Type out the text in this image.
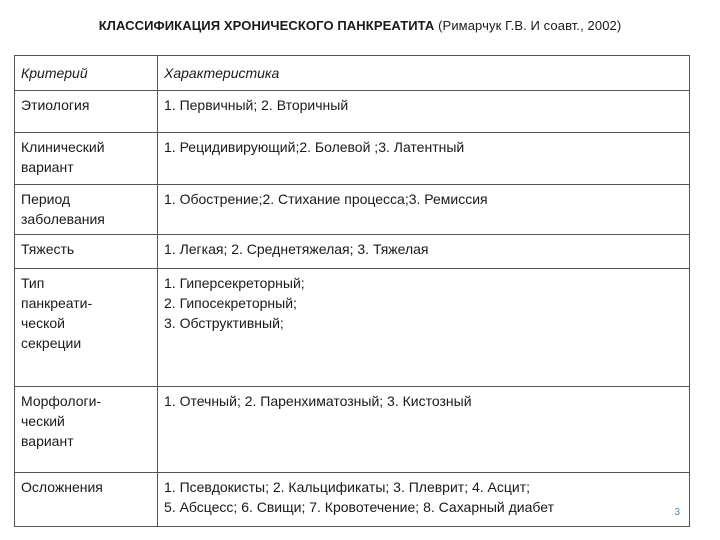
КЛАССИФИКАЦИЯ ХРОНИЧЕСКОГО ПАНКРЕАТИТА (Римарчук Г.В. И соавт., 2002)
Критерий	Характеристика

Этиология	1. Первичный; 2. Вторичный

Клинический
вариант	1. Рецидивирующий;2. Болевой ;3. Латентный

Период
заболевания	1. Обострение;2. Стихание процесса;3. Ремиссия

Тяжесть	1. Легкая; 2. Среднетяжелая; 3. Тяжелая

Тип
панкреати-
ческой
секреции	1. Гиперсекреторный;
2. Гипосекреторный;
3. Обструктивный;

Морфологи-
ческий
вариант	1. Отечный; 2. Паренхиматозный; 3. Кистозный

Осложнения	1. Псевдокисты; 2. Кальцификаты; 3. Плеврит; 4. Асцит;
5. Абсцесс; 6. Свищи; 7. Кровотечение; 8. Сахарный диабет	3
